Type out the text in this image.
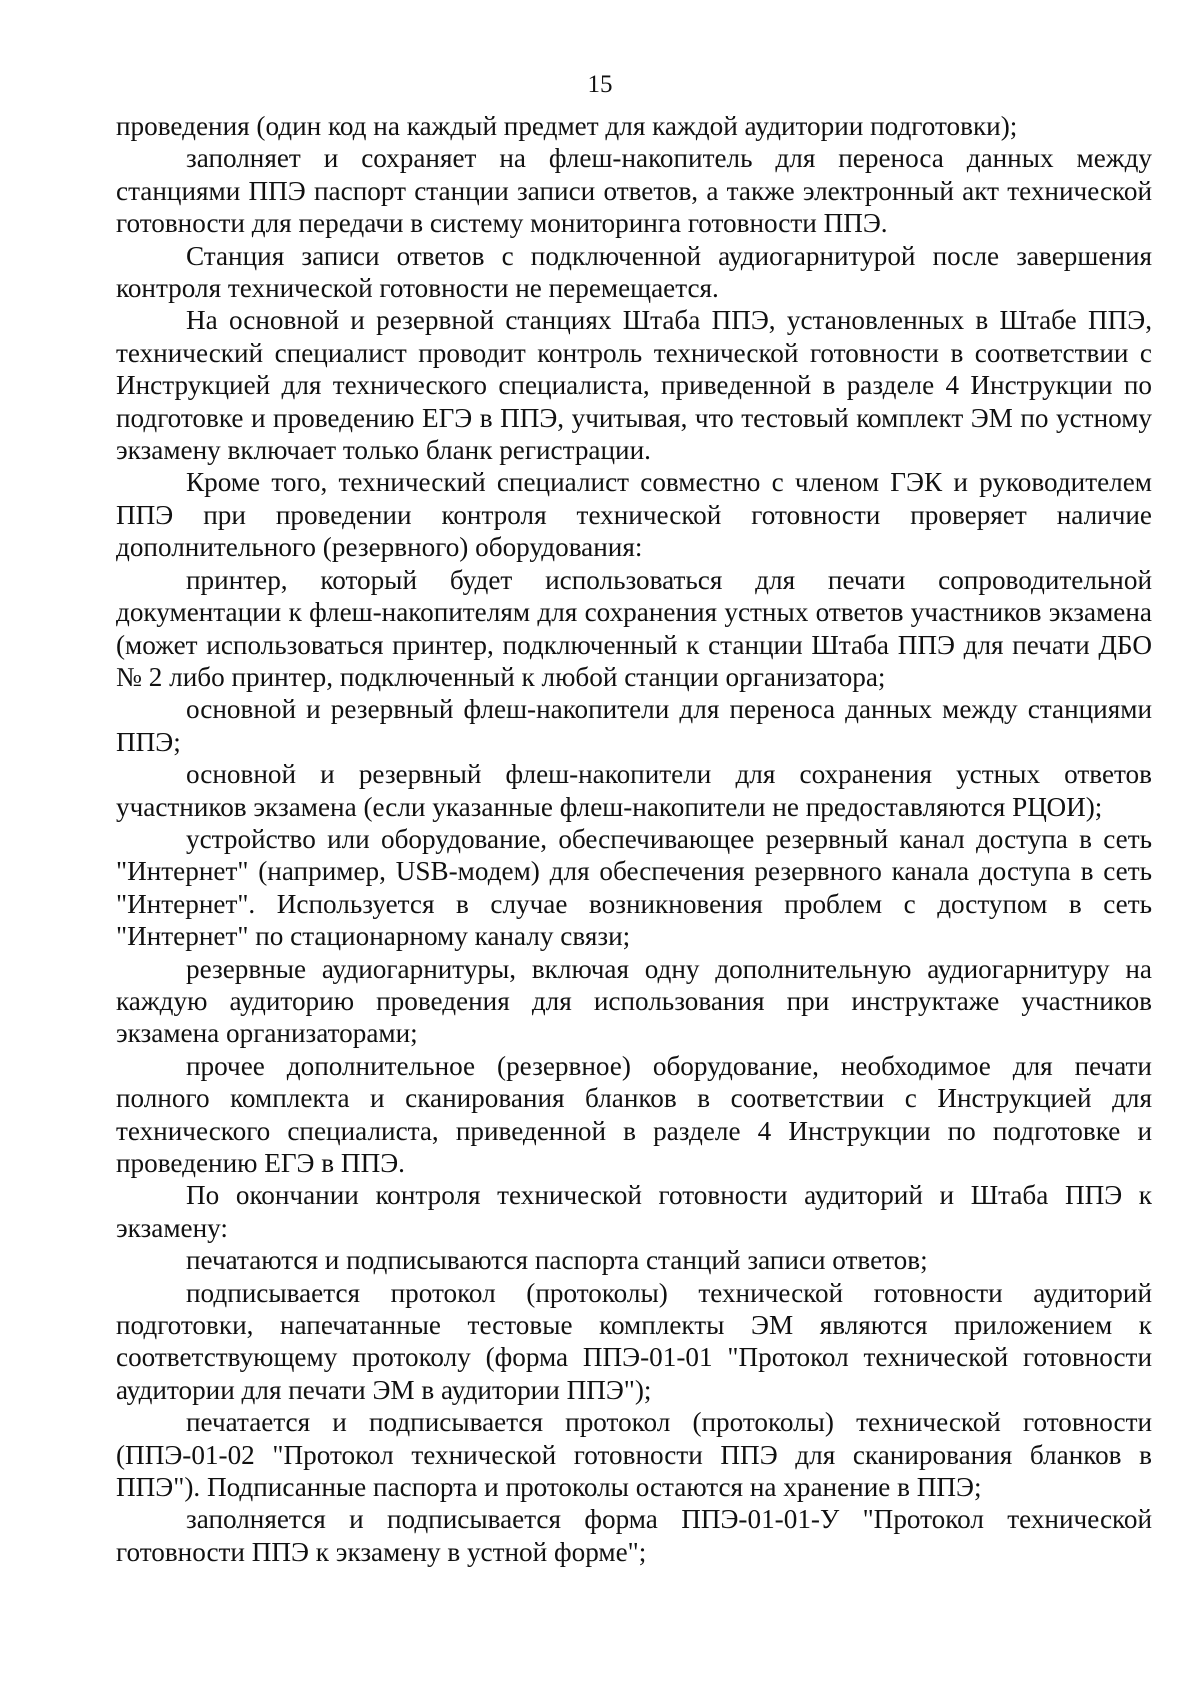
15

проведения (один код на каждый предмет для каждой аудитории подготовки);

заполняет и сохраняет на флеш-накопитель для переноса данных между станциями ППЭ паспорт станции записи ответов, а также электронный акт технической готовности для передачи в систему мониторинга готовности ППЭ.

Станция записи ответов с подключенной аудиогарнитурой после завершения контроля технической готовности не перемещается.

На основной и резервной станциях Штаба ППЭ, установленных в Штабе ППЭ, технический специалист проводит контроль технической готовности в соответствии с Инструкцией для технического специалиста, приведенной в разделе 4 Инструкции по подготовке и проведению ЕГЭ в ППЭ, учитывая, что тестовый комплект ЭМ по устному экзамену включает только бланк регистрации.

Кроме того, технический специалист совместно с членом ГЭК и руководителем ППЭ при проведении контроля технической готовности проверяет наличие дополнительного (резервного) оборудования:

принтер, который будет использоваться для печати сопроводительной документации к флеш-накопителям для сохранения устных ответов участников экзамена (может использоваться принтер, подключенный к станции Штаба ППЭ для печати ДБО № 2 либо принтер, подключенный к любой станции организатора;

основной и резервный флеш-накопители для переноса данных между станциями ППЭ;

основной и резервный флеш-накопители для сохранения устных ответов участников экзамена (если указанные флеш-накопители не предоставляются РЦОИ);

устройство или оборудование, обеспечивающее резервный канал доступа в сеть "Интернет" (например, USB-модем) для обеспечения резервного канала доступа в сеть "Интернет". Используется в случае возникновения проблем с доступом в сеть "Интернет" по стационарному каналу связи;

резервные аудиогарнитуры, включая одну дополнительную аудиогарнитуру на каждую аудиторию проведения для использования при инструктаже участников экзамена организаторами;

прочее дополнительное (резервное) оборудование, необходимое для печати полного комплекта и сканирования бланков в соответствии с Инструкцией для технического специалиста, приведенной в разделе 4 Инструкции по подготовке и проведению ЕГЭ в ППЭ.

По окончании контроля технической готовности аудиторий и Штаба ППЭ к экзамену:

печатаются и подписываются паспорта станций записи ответов;

подписывается протокол (протоколы) технической готовности аудиторий подготовки, напечатанные тестовые комплекты ЭМ являются приложением к соответствующему протоколу (форма ППЭ-01-01 "Протокол технической готовности аудитории для печати ЭМ в аудитории ППЭ");

печатается и подписывается протокол (протоколы) технической готовности (ППЭ-01-02 "Протокол технической готовности ППЭ для сканирования бланков в ППЭ"). Подписанные паспорта и протоколы остаются на хранение в ППЭ;

заполняется и подписывается форма ППЭ-01-01-У "Протокол технической готовности ППЭ к экзамену в устной форме";
